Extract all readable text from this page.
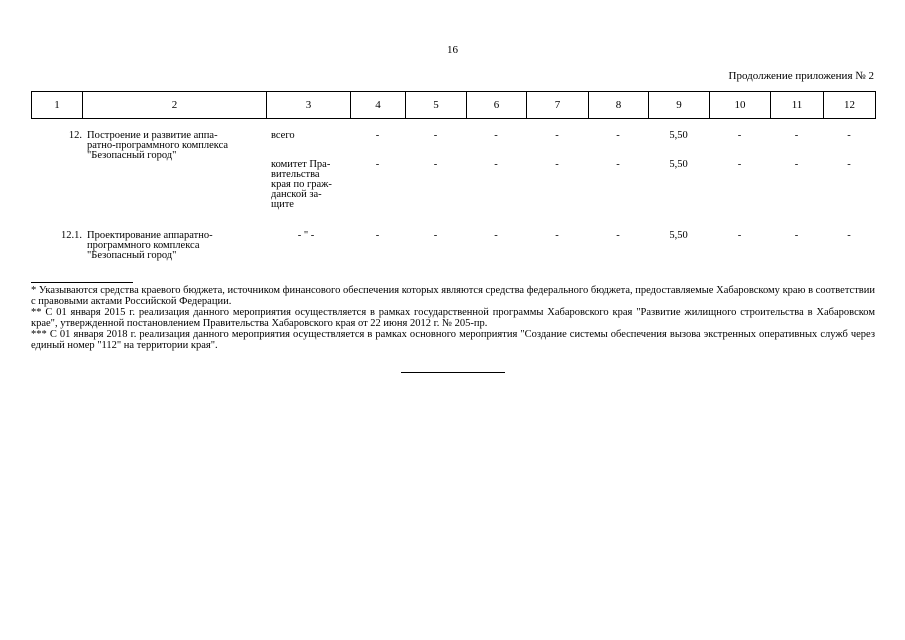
16
Продолжение приложения № 2
1	2	3	4	5	6	7	8	9	10	11	12
12. Построение и развитие аппа-
ратно-программного комплекса
"Безопасный город"
всего	-	-	-	-	-	5,50	-	-	-
комитет Пра-
вительства
края по граж-
данской за-
щите
-	-	-	-	-	5,50	-	-	-
12.1. Проектирование аппаратно-
программного комплекса
"Безопасный город"
- " -	-	-	-	-	-	5,50	-	-	-

* Указываются средства краевого бюджета, источником финансового обеспечения которых являются средства федерального бюджета, предоставляемые Хабаровскому краю в соответствии с правовыми актами Российской Федерации.

** С 01 января 2015 г. реализация данного мероприятия осуществляется в рамках государственной программы Хабаровского края "Развитие жилищного строительства в Хабаровском крае", утвержденной постановлением Правительства Хабаровского края от 22 июня 2012 г. № 205-пр.

*** С 01 января 2018 г. реализация данного мероприятия осуществляется в рамках основного мероприятия "Создание системы обеспечения вызова экстренных оперативных служб через единый номер "112" на территории края".
